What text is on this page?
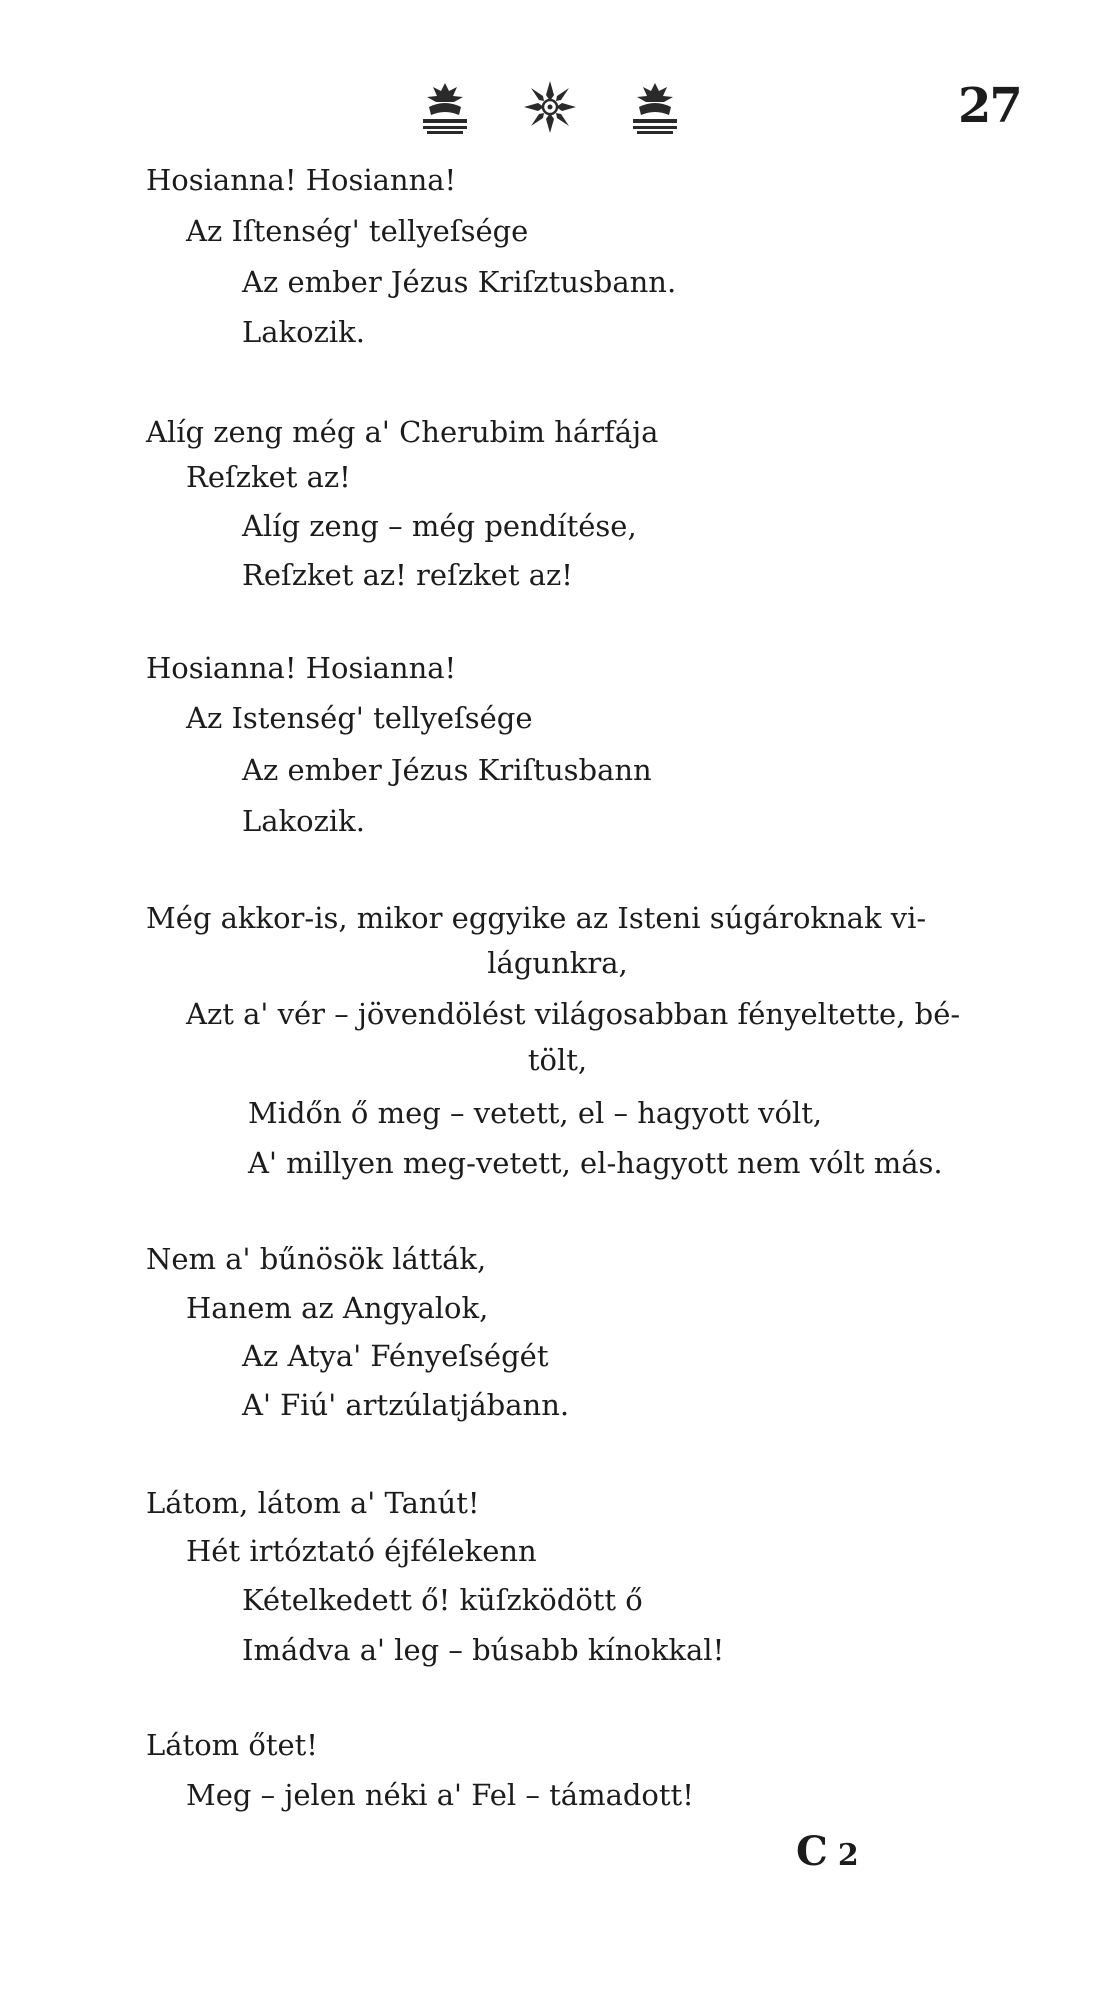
27
Hosianna! Hosianna!
Az Iſtenség' tellyeſsége
Az ember Jézus Kriſztusbann.
Lakozik.
Alíg zeng még a' Cherubim hárfája
Reſzket az!
Alíg zeng – még pendítése,
Reſzket az! reſzket az!
Hosianna! Hosianna!
Az Istenség' tellyeſsége
Az ember Jézus Kriſtusbann
Lakozik.
Még akkor-is, mikor eggyike az Isteni súgároknak vi-
lágunkra,
Azt a' vér – jövendölést világosabban fényeltette, bé-
tölt,
Midőn ő meg – vetett, el – hagyott vólt,
A' millyen meg-vetett, el-hagyott nem vólt más.
Nem a' bűnösök látták,
Hanem az Angyalok,
Az Atya' Fényeſségét
A' Fiú' artzúlatjábann.
Látom, látom a' Tanút!
Hét irtóztató éjfélekenn
Kételkedett ő! küſzködött ő
Imádva a' leg – búsabb kínokkal!
Látom őtet!
Meg – jelen néki a' Fel – támadott!
C 2
